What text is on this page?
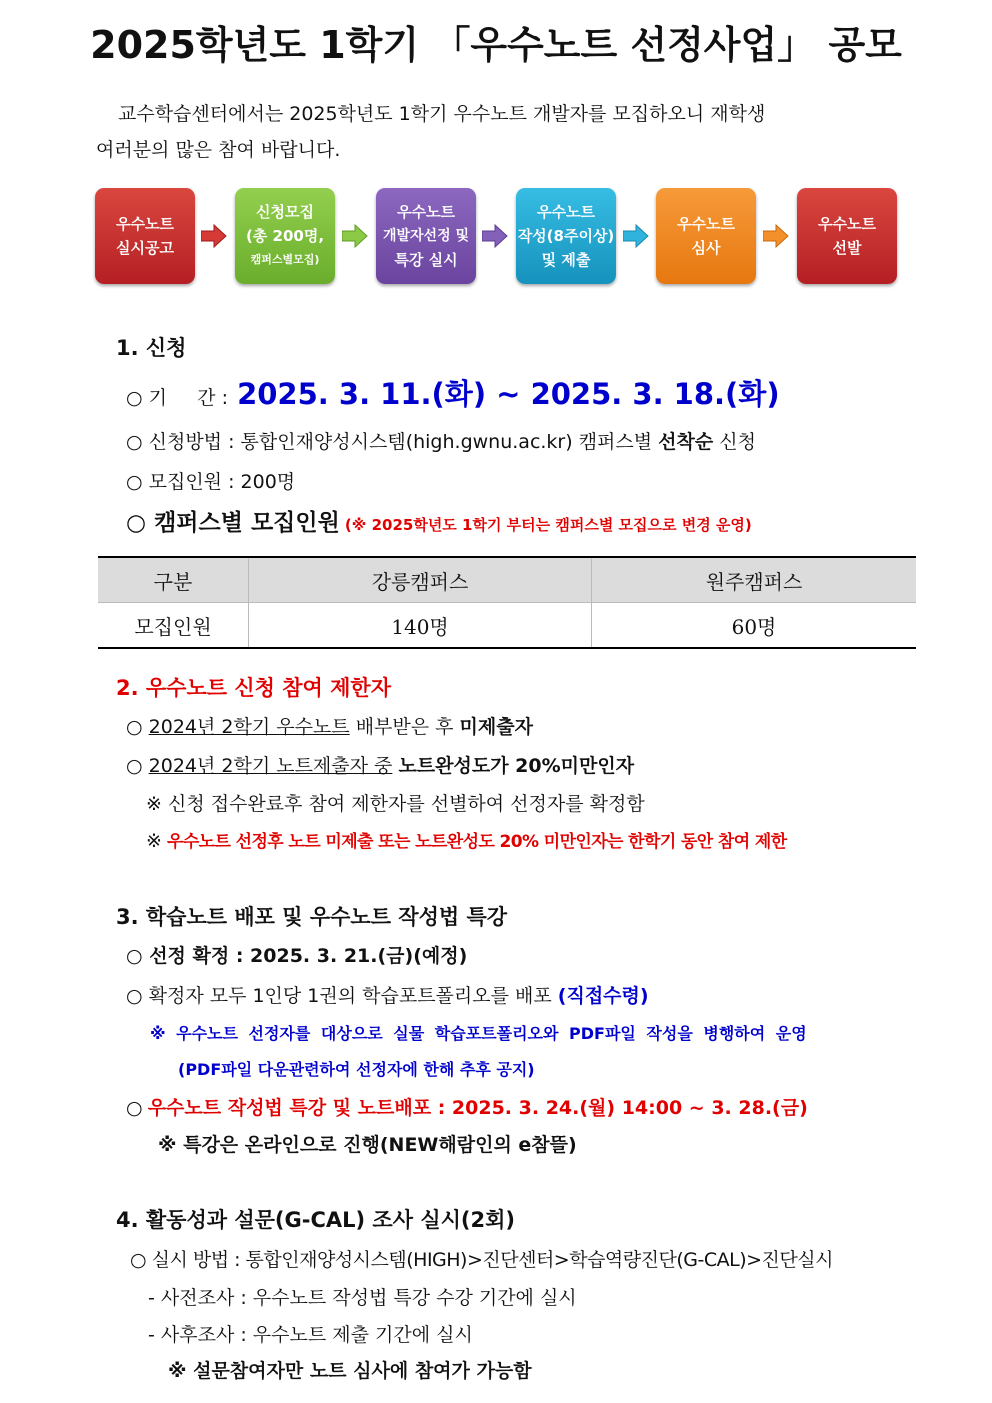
2025학년도 1학기 「우수노트 선정사업」 공모

교수학습센터에서는 2025학년도 1학기 우수노트 개발자를 모집하오니 재학생

여러분의 많은 참여 바랍니다.

우수노트
실시공고
신청모집
(총 200명,
캠퍼스별모집)
우수노트
개발자선정 및
특강 실시
우수노트
작성(8주이상)
및 제출
우수노트
심사
우수노트
선발
1. 신청
○ 기     간 : 2025. 3. 11.(화) ~ 2025. 3. 18.(화)
○ 신청방법 : 통합인재양성시스템(high.gwnu.ac.kr) 캠퍼스별 선착순 신청
○ 모집인원 : 200명
○ 캠퍼스별 모집인원 (※ 2025학년도 1학기 부터는 캠퍼스별 모집으로 변경 운영)
구분	강릉캠퍼스	원주캠퍼스
모집인원	140명	60명
2. 우수노트 신청 참여 제한자
○ 2024년 2학기 우수노트 배부받은 후 미제출자
○ 2024년 2학기 노트제출자 중 노트완성도가 20%미만인자
※ 신청 접수완료후 참여 제한자를 선별하여 선정자를 확정함
※ 우수노트 선정후 노트 미제출 또는 노트완성도 20% 미만인자는 한학기 동안 참여 제한
3. 학습노트 배포 및 우수노트 작성법 특강
○ 선정 확정 : 2025. 3. 21.(금)(예정)
○ 확정자 모두 1인당 1권의 학습포트폴리오를 배포 (직접수령)
※ 우수노트 선정자를 대상으로 실물 학습포트폴리오와 PDF파일 작성을 병행하여 운영
(PDF파일 다운관련하여 선정자에 한해 추후 공지)
○ 우수노트 작성법 특강 및 노트배포 : 2025. 3. 24.(월) 14:00 ~ 3. 28.(금)
※ 특강은 온라인으로 진행(NEW해람인의 e참뜰)
4. 활동성과 설문(G-CAL) 조사 실시(2회)
○ 실시 방법 : 통합인재양성시스템(HIGH)>진단센터>학습역량진단(G-CAL)>진단실시
- 사전조사 : 우수노트 작성법 특강 수강 기간에 실시
- 사후조사 : 우수노트 제출 기간에 실시
※ 설문참여자만 노트 심사에 참여가 가능함
